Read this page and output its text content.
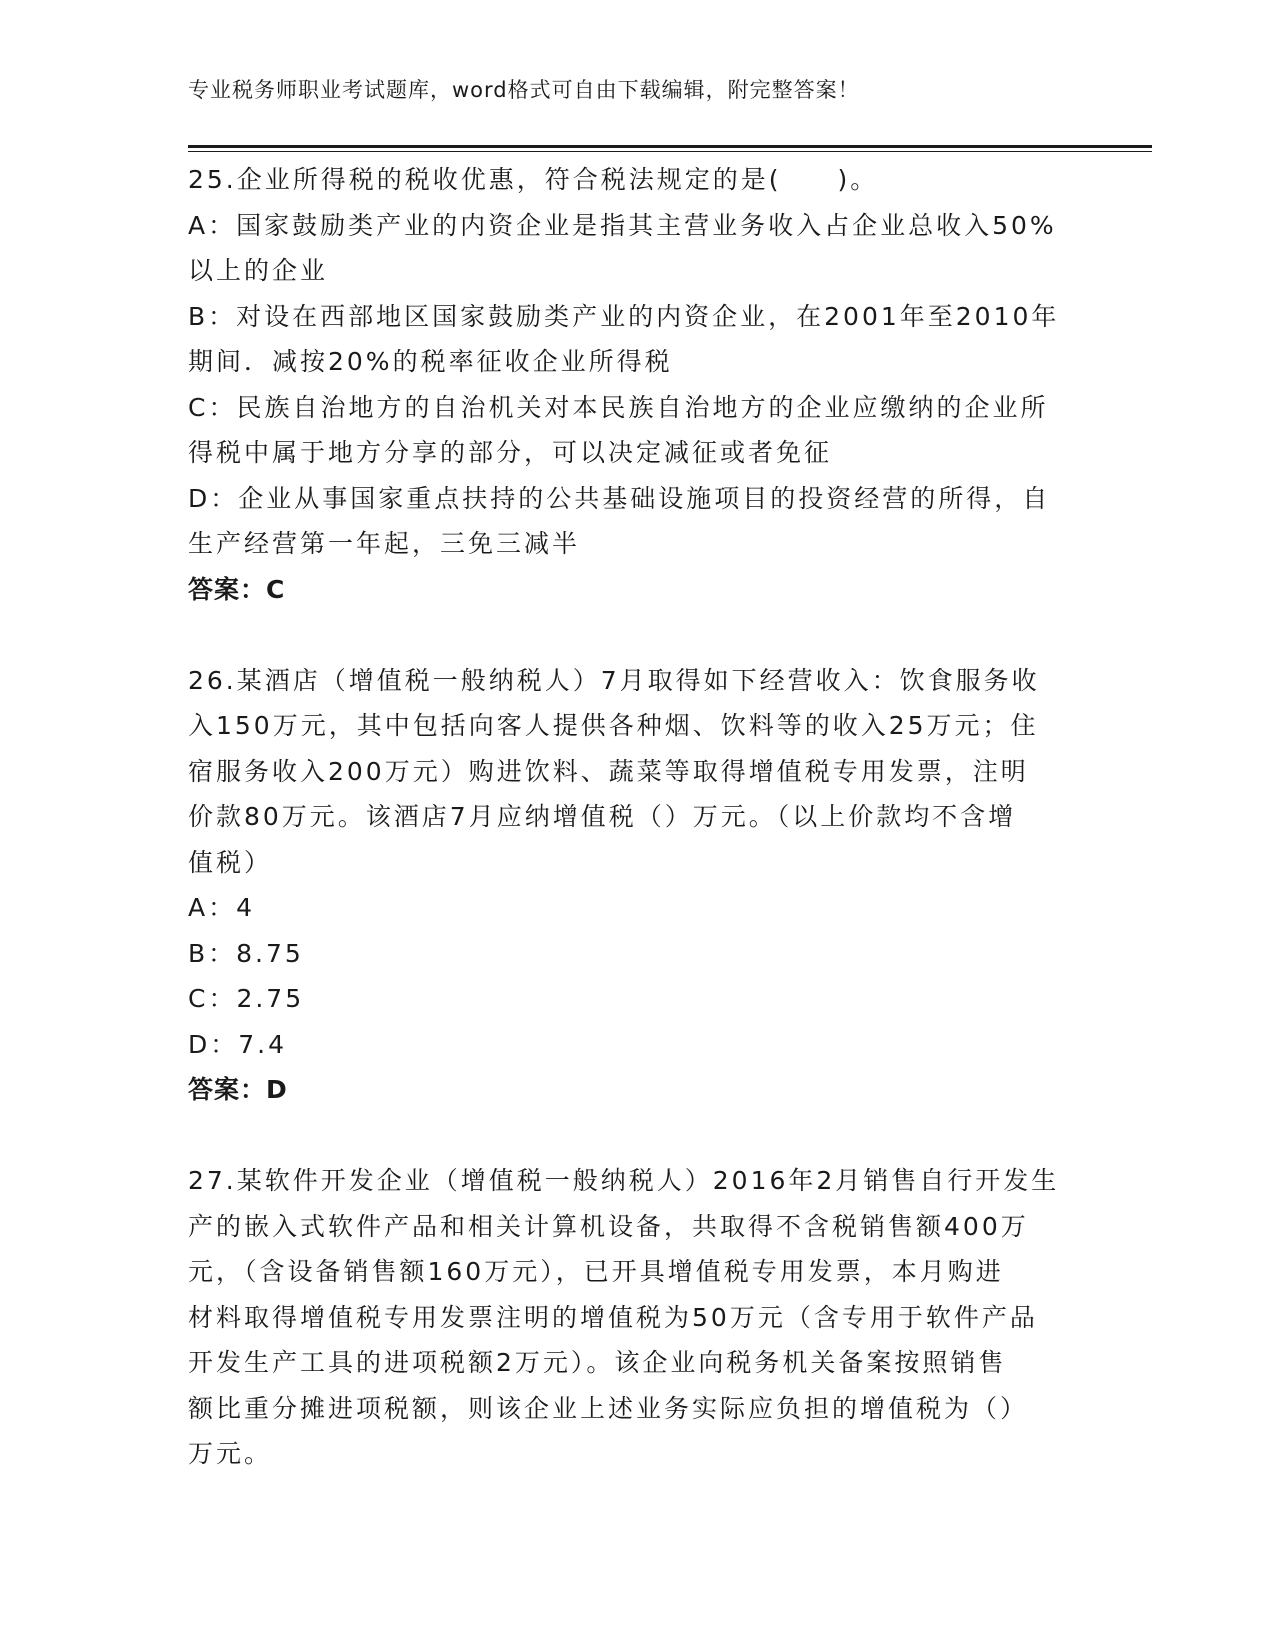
专业税务师职业考试题库，word格式可自由下载编辑，附完整答案！
25.企业所得税的税收优惠，符合税法规定的是(　　)。
A：国家鼓励类产业的内资企业是指其主营业务收入占企业总收入50%
以上的企业
B：对设在西部地区国家鼓励类产业的内资企业，在2001年至2010年
期间．减按20%的税率征收企业所得税
C：民族自治地方的自治机关对本民族自治地方的企业应缴纳的企业所
得税中属于地方分享的部分，可以决定减征或者免征
D：企业从事国家重点扶持的公共基础设施项目的投资经营的所得，自
生产经营第一年起，三免三减半
答案：C
26.某酒店（增值税一般纳税人）7月取得如下经营收入：饮食服务收
入150万元，其中包括向客人提供各种烟、饮料等的收入25万元；住
宿服务收入200万元）购进饮料、蔬菜等取得增值税专用发票，注明
价款80万元。该酒店7月应纳增值税（）万元。（以上价款均不含增
值税）
A：4
B：8.75
C：2.75
D：7.4
答案：D
27.某软件开发企业（增值税一般纳税人）2016年2月销售自行开发生
产的嵌入式软件产品和相关计算机设备，共取得不含税销售额400万
元，（含设备销售额160万元），已开具增值税专用发票，本月购进
材料取得增值税专用发票注明的增值税为50万元（含专用于软件产品
开发生产工具的进项税额2万元）。该企业向税务机关备案按照销售
额比重分摊进项税额，则该企业上述业务实际应负担的增值税为（）
万元。
